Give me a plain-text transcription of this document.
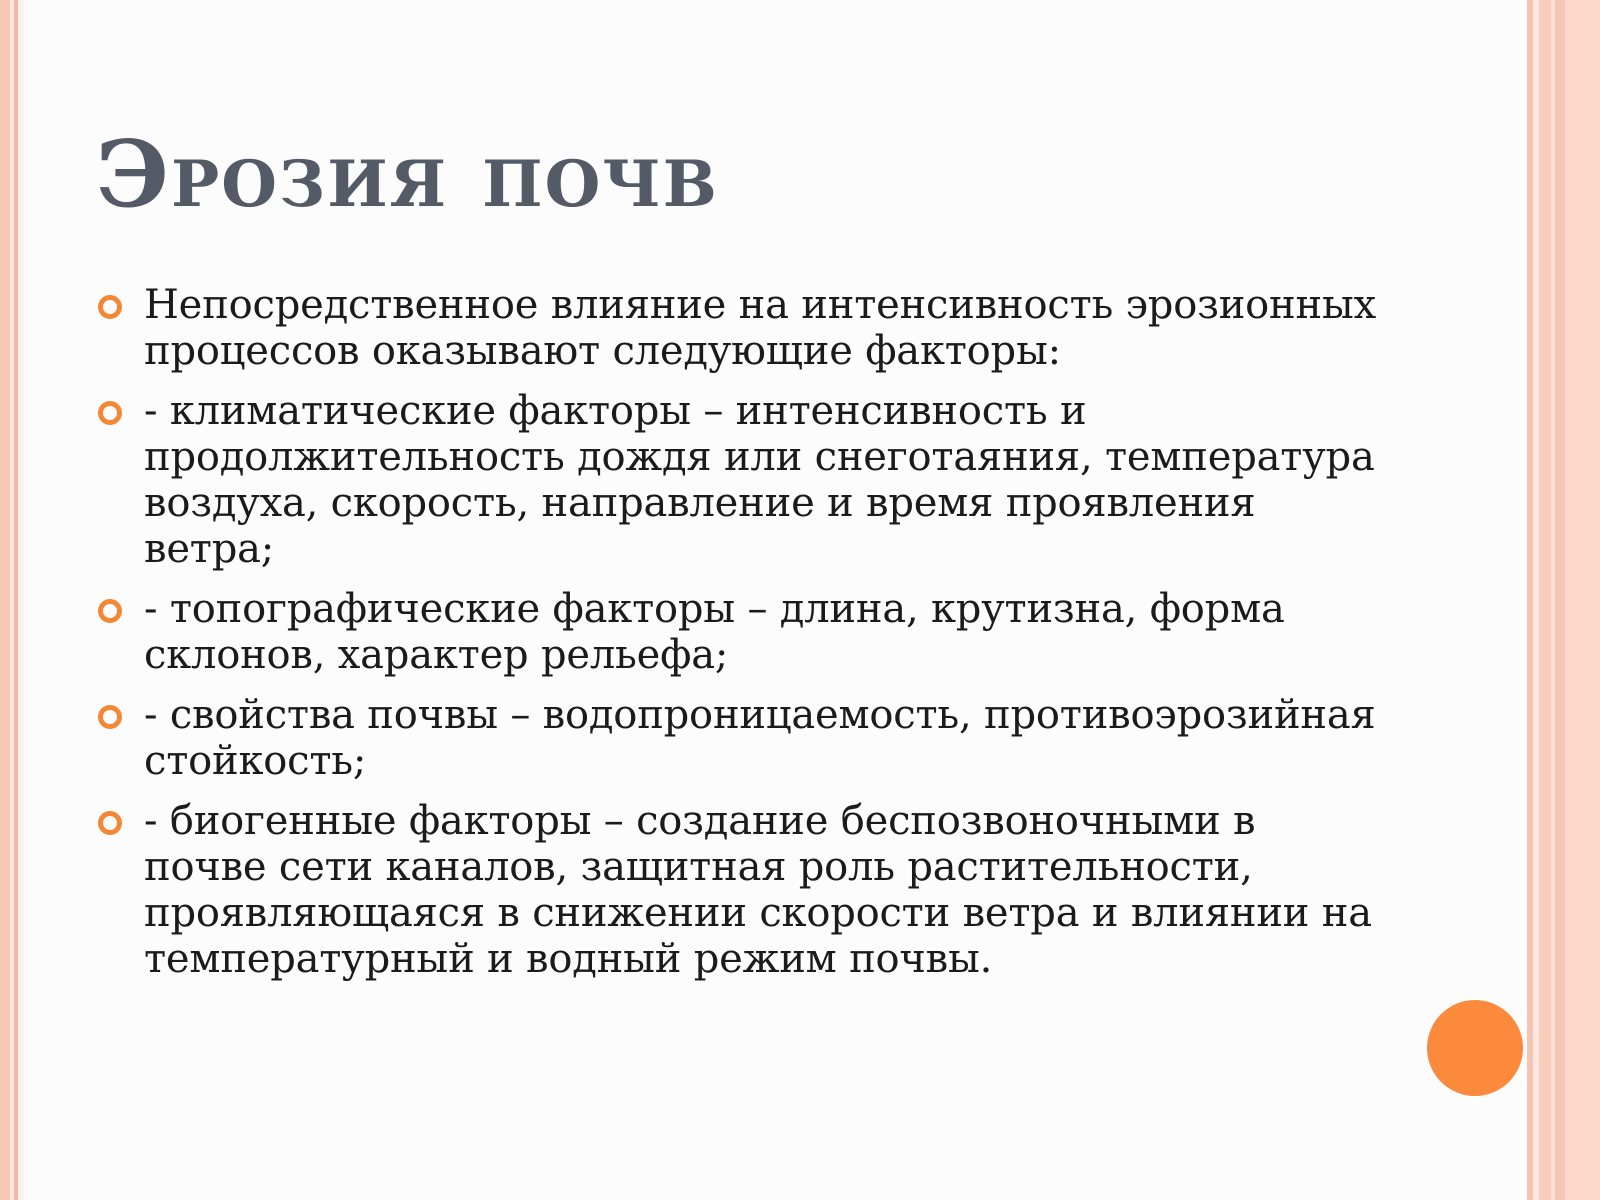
Эрозия почв
Непосредственное влияние на интенсивность эрозионных процессов оказывают следующие факторы:
- климатические факторы – интенсивность и продолжительность дождя или снеготаяния, температура воздуха, скорость, направление и время проявления ветра;
- топографические факторы – длина, крутизна, форма склонов, характер рельефа;
- свойства почвы – водопроницаемость, противоэрозийная стойкость;
- биогенные факторы – создание беспозвоночными в почве сети каналов, защитная роль растительности, проявляющаяся в снижении скорости ветра и влиянии на температурный и водный режим почвы.
